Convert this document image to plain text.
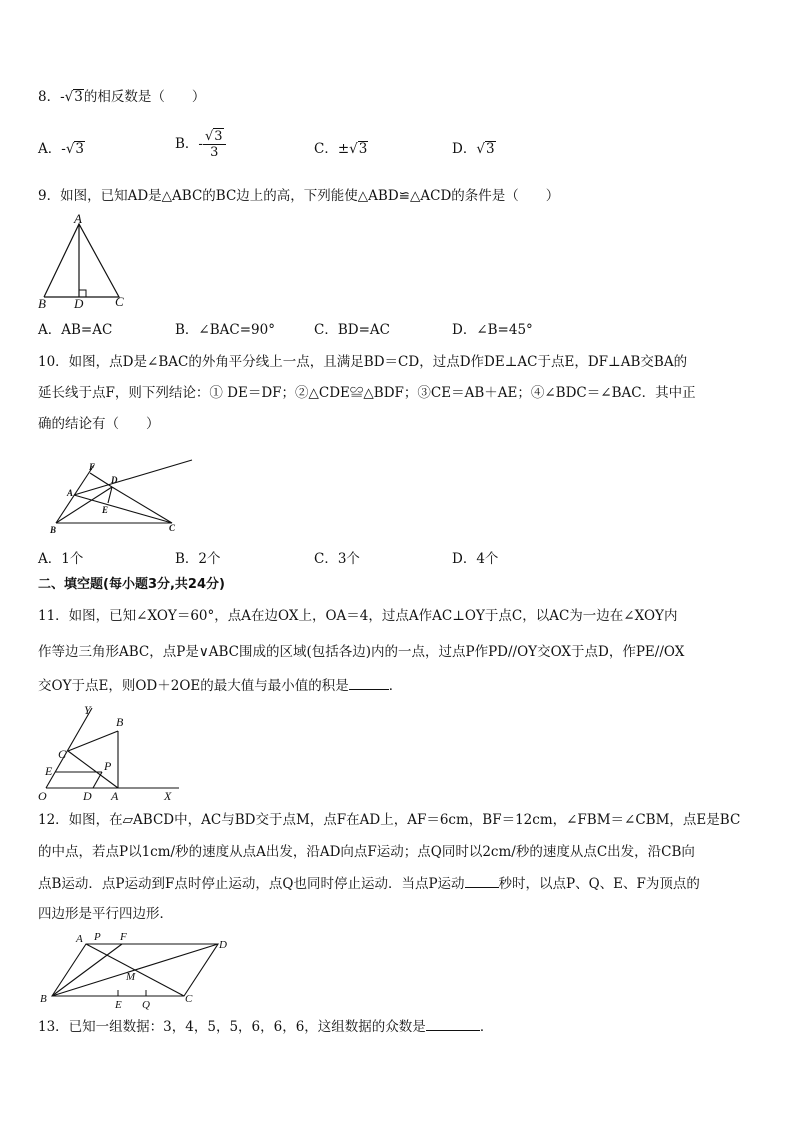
8．-√3的相反数是（　　）
A．-√3	B．- $\frac{√3}{3}$	C．±√3	D．√3
9．如图，已知AD是△ABC的BC边上的高，下列能使△ABD≌△ACD的条件是（　　）
A
B D C
A．AB=AC	B．∠BAC=90°	C．BD=AC	D．∠B=45°
10．如图，点D是∠BAC的外角平分线上一点，且满足BD＝CD，过点D作DE⊥AC于点E，DF⊥AB交BA的
延长线于点F，则下列结论：① DE＝DF；②△CDE≌△BDF；③CE＝AB＋AE；④∠BDC＝∠BAC．其中正
确的结论有（　　）
F
D
A
E
B	C
A．1个	B．2个	C．3个	D．4个
二、填空题(每小题3分,共24分)
11．如图，已知∠XOY＝60°，点A在边OX上，OA＝4，过点A作AC⊥OY于点C，以AC为一边在∠XOY内
作等边三角形ABC，点P是∨ABC围成的区域(包括各边)内的一点，过点P作PD//OY交OX于点D，作PE//OX
交OY于点E，则OD＋2OE的最大值与最小值的积是	．
Y
B
C
E	P
O	D A	X
12．如图，在▱ABCD中，AC与BD交于点M，点F在AD上，AF＝6cm，BF＝12cm，∠FBM＝∠CBM，点E是BC
的中点，若点P以1cm/秒的速度从点A出发，沿AD向点F运动；点Q同时以2cm/秒的速度从点C出发，沿CB向
点B运动．点P运动到F点时停止运动，点Q也同时停止运动．当点P运动	秒时，以点P、Q、E、F为顶点的
四边形是平行四边形．
A P F
D
M
B	E Q	C
13．已知一组数据：3，4，5，5，6，6，6，这组数据的众数是	．
